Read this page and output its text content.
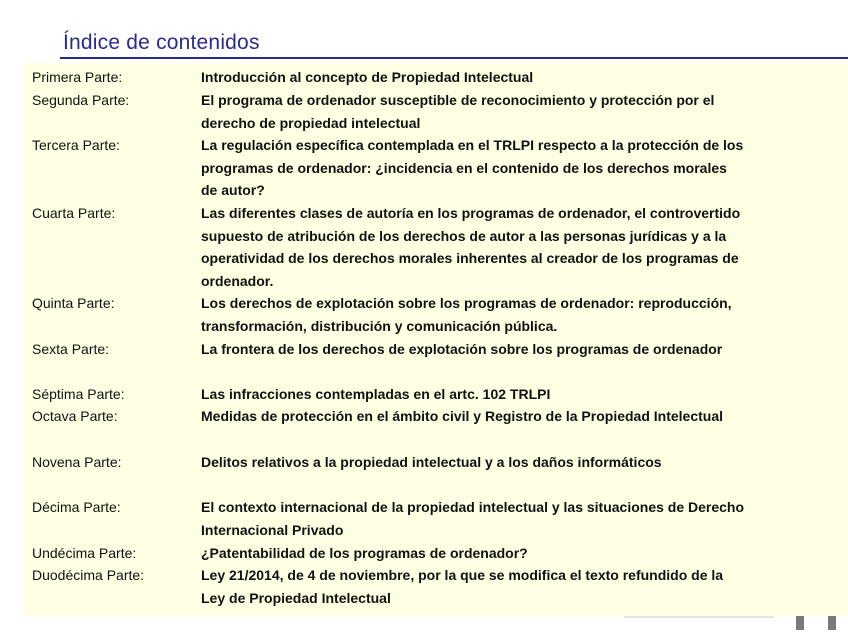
Índice de contenidos
Primera Parte:	Introducción al concepto de Propiedad Intelectual
Segunda Parte:	El programa de ordenador susceptible de reconocimiento y protección por el derecho de propiedad intelectual
Tercera Parte:	La regulación específica contemplada en el TRLPI respecto a la protección de los programas de ordenador: ¿incidencia en el contenido de los derechos morales de autor?
Cuarta Parte:	Las diferentes clases de autoría en los programas de ordenador, el controvertido supuesto de atribución de los derechos de autor a las personas jurídicas y a la operatividad de los derechos morales inherentes al creador de los programas de ordenador.
Quinta Parte:	Los derechos de explotación sobre los programas de ordenador: reproducción, transformación, distribución y comunicación pública.
Sexta Parte:	La frontera de los derechos de explotación sobre los programas de ordenador
Séptima Parte:	Las infracciones contempladas en el artc. 102 TRLPI
Octava Parte:	Medidas de protección en el ámbito civil y Registro de la Propiedad Intelectual
Novena Parte:	Delitos relativos a la propiedad intelectual y a los daños informáticos
Décima Parte:	El contexto internacional de la propiedad intelectual y las situaciones de Derecho Internacional Privado
Undécima Parte:	¿Patentabilidad de los programas de ordenador?
Duodécima Parte:	Ley 21/2014, de 4 de noviembre, por la que se modifica el texto refundido de la Ley de Propiedad Intelectual
